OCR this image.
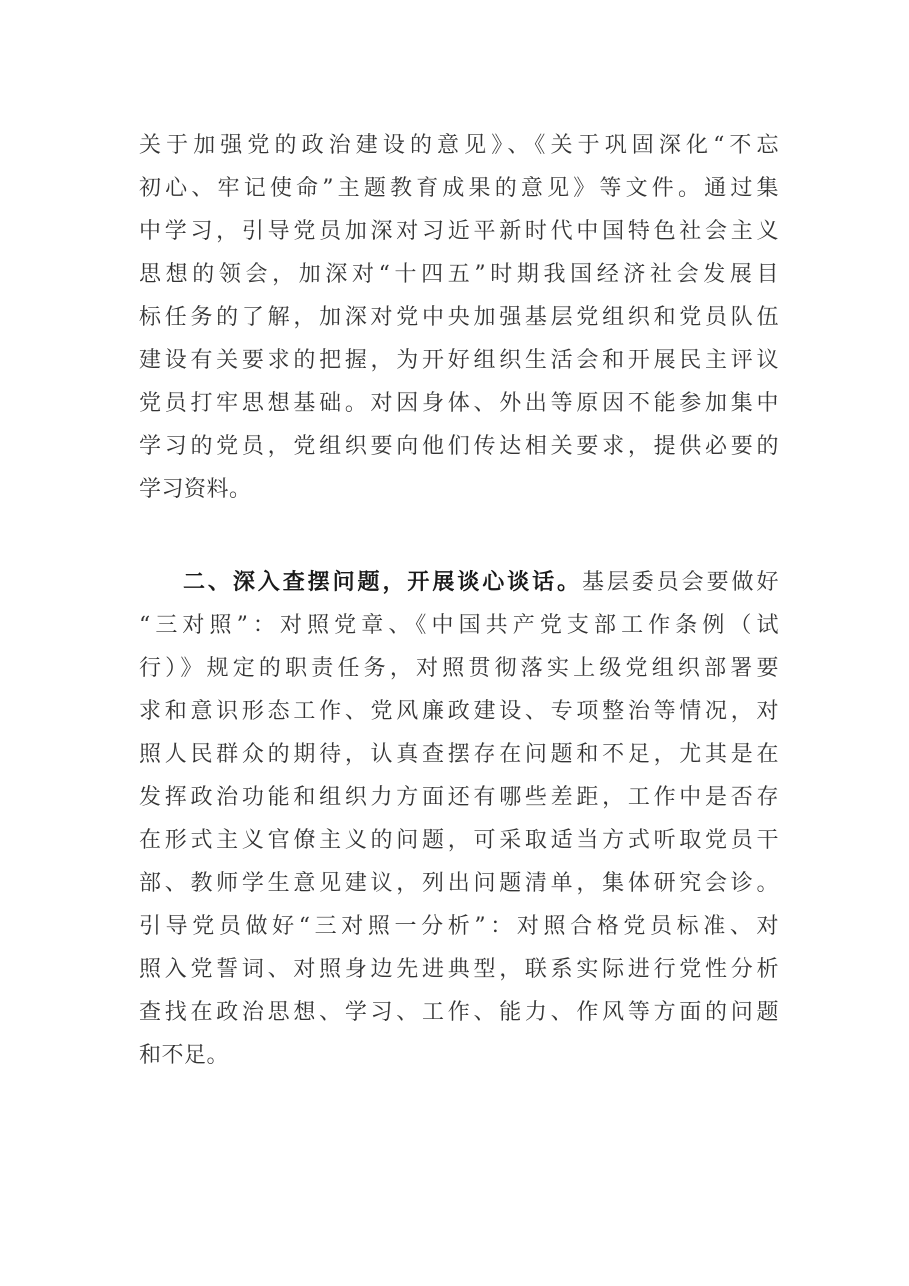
关于加强党的政治建设的意见》、《关于巩固深化“不忘
初心、牢记使命”主题教育成果的意见》等文件。通过集
中学习，引导党员加深对习近平新时代中国特色社会主义
思想的领会，加深对“十四五”时期我国经济社会发展目
标任务的了解，加深对党中央加强基层党组织和党员队伍
建设有关要求的把握，为开好组织生活会和开展民主评议
党员打牢思想基础。对因身体、外出等原因不能参加集中
学习的党员，党组织要向他们传达相关要求，提供必要的
学习资料。
二、深入查摆问题，开展谈心谈话。基层委员会要做好
“三对照”：对照党章、《中国共产党支部工作条例（试
行）》规定的职责任务，对照贯彻落实上级党组织部署要
求和意识形态工作、党风廉政建设、专项整治等情况，对
照人民群众的期待，认真查摆存在问题和不足，尤其是在
发挥政治功能和组织力方面还有哪些差距，工作中是否存
在形式主义官僚主义的问题，可采取适当方式听取党员干
部、教师学生意见建议，列出问题清单，集体研究会诊。
引导党员做好“三对照一分析”：对照合格党员标准、对
照入党誓词、对照身边先进典型，联系实际进行党性分析
查找在政治思想、学习、工作、能力、作风等方面的问题
和不足。
